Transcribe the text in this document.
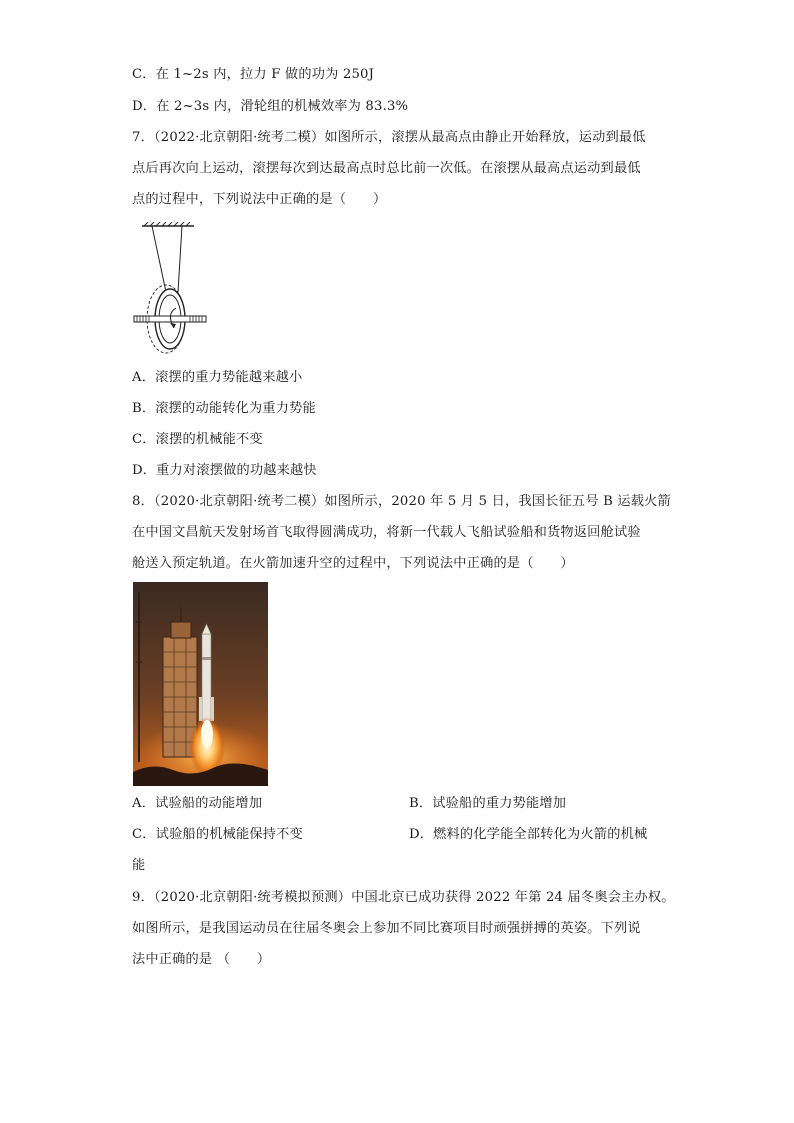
C．在 1~2s 内，拉力 F 做的功为 250J
D．在 2~3s 内，滑轮组的机械效率为 83.3%
7．（2022·北京朝阳·统考二模）如图所示，滚摆从最高点由静止开始释放，运动到最低
点后再次向上运动，滚摆每次到达最高点时总比前一次低。在滚摆从最高点运动到最低
点的过程中，下列说法中正确的是（　　）
A．滚摆的重力势能越来越小
B．滚摆的动能转化为重力势能
C．滚摆的机械能不变
D．重力对滚摆做的功越来越快
8．（2020·北京朝阳·统考二模）如图所示，2020 年 5 月 5 日，我国长征五号 B 运载火箭
在中国文昌航天发射场首飞取得圆满成功，将新一代载人飞船试验船和货物返回舱试验
舱送入预定轨道。在火箭加速升空的过程中，下列说法中正确的是（　　）
A．试验船的动能增加	B．试验船的重力势能增加
C．试验船的机械能保持不变	D．燃料的化学能全部转化为火箭的机械
能
9．（2020·北京朝阳·统考模拟预测）中国北京已成功获得 2022 年第 24 届冬奥会主办权。
如图所示，是我国运动员在往届冬奥会上参加不同比赛项目时顽强拼搏的英姿。下列说
法中正确的是 （　　）
